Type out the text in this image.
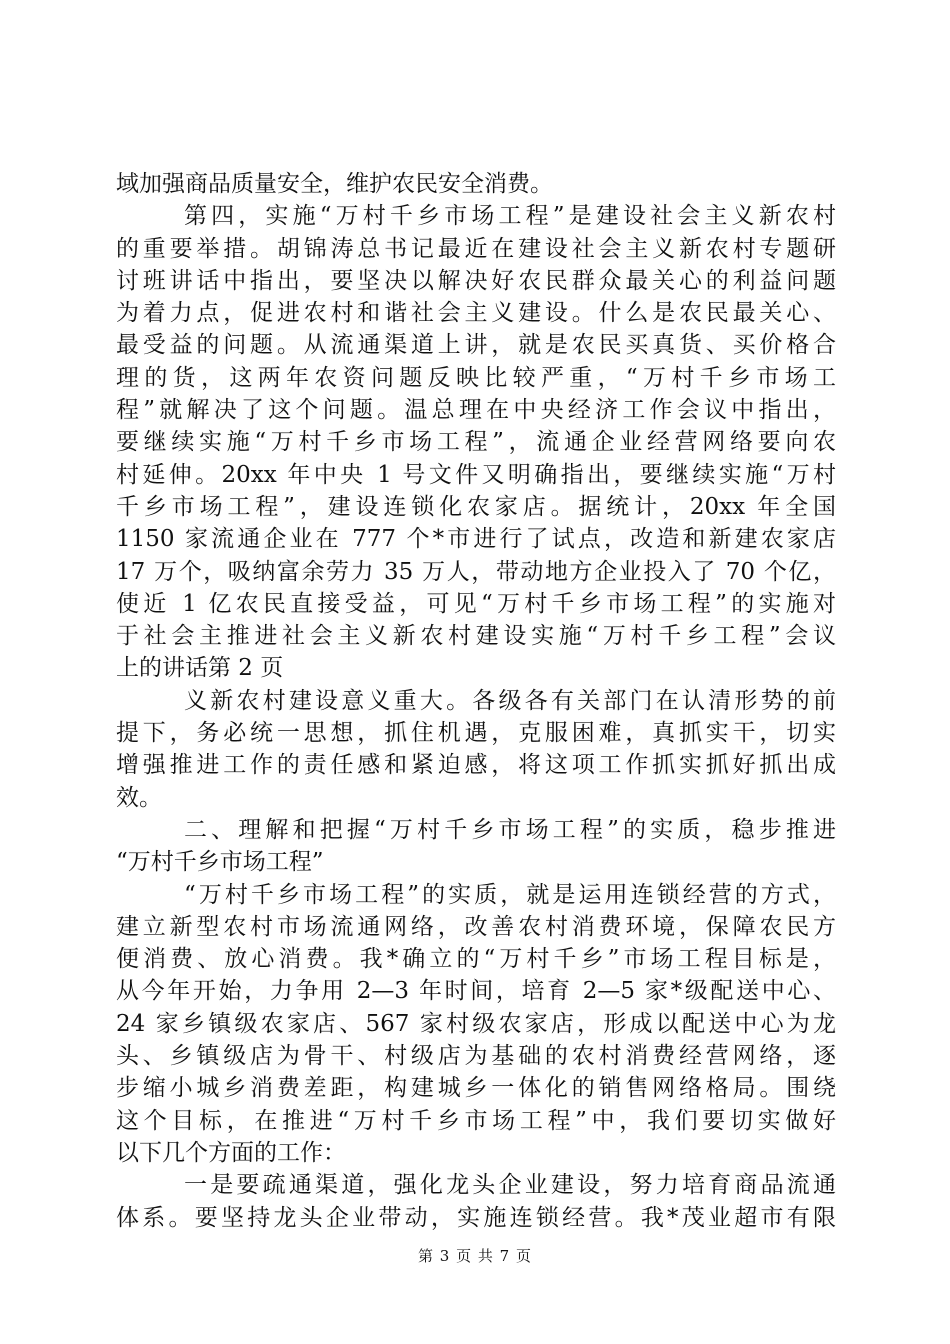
域加强商品质量安全，维护农民安全消费。
第四，实施“万村千乡市场工程”是建设社会主义新农村
的重要举措。胡锦涛总书记最近在建设社会主义新农村专题研
讨班讲话中指出，要坚决以解决好农民群众最关心的利益问题
为着力点，促进农村和谐社会主义建设。什么是农民最关心、
最受益的问题。从流通渠道上讲，就是农民买真货、买价格合
理的货，这两年农资问题反映比较严重，“万村千乡市场工
程”就解决了这个问题。温总理在中央经济工作会议中指出，
要继续实施“万村千乡市场工程”，流通企业经营网络要向农
村延伸。20xx 年中央 1 号文件又明确指出，要继续实施“万村
千乡市场工程”，建设连锁化农家店。据统计，20xx 年全国
1150 家流通企业在 777 个*市进行了试点，改造和新建农家店
17 万个，吸纳富余劳力 35 万人，带动地方企业投入了 70 个亿，
使近 1 亿农民直接受益，可见“万村千乡市场工程”的实施对
于社会主推进社会主义新农村建设实施“万村千乡工程”会议
上的讲话第 2 页
义新农村建设意义重大。各级各有关部门在认清形势的前
提下，务必统一思想，抓住机遇，克服困难，真抓实干，切实
增强推进工作的责任感和紧迫感，将这项工作抓实抓好抓出成
效。
二、理解和把握“万村千乡市场工程”的实质，稳步推进
“万村千乡市场工程”
“万村千乡市场工程”的实质，就是运用连锁经营的方式，
建立新型农村市场流通网络，改善农村消费环境，保障农民方
便消费、放心消费。我*确立的“万村千乡”市场工程目标是，
从今年开始，力争用 2—3 年时间，培育 2—5 家*级配送中心、
24 家乡镇级农家店、567 家村级农家店，形成以配送中心为龙
头、乡镇级店为骨干、村级店为基础的农村消费经营网络，逐
步缩小城乡消费差距，构建城乡一体化的销售网络格局。围绕
这个目标，在推进“万村千乡市场工程”中，我们要切实做好
以下几个方面的工作：
一是要疏通渠道，强化龙头企业建设，努力培育商品流通
体系。要坚持龙头企业带动，实施连锁经营。我*茂业超市有限
第 3 页 共 7 页
